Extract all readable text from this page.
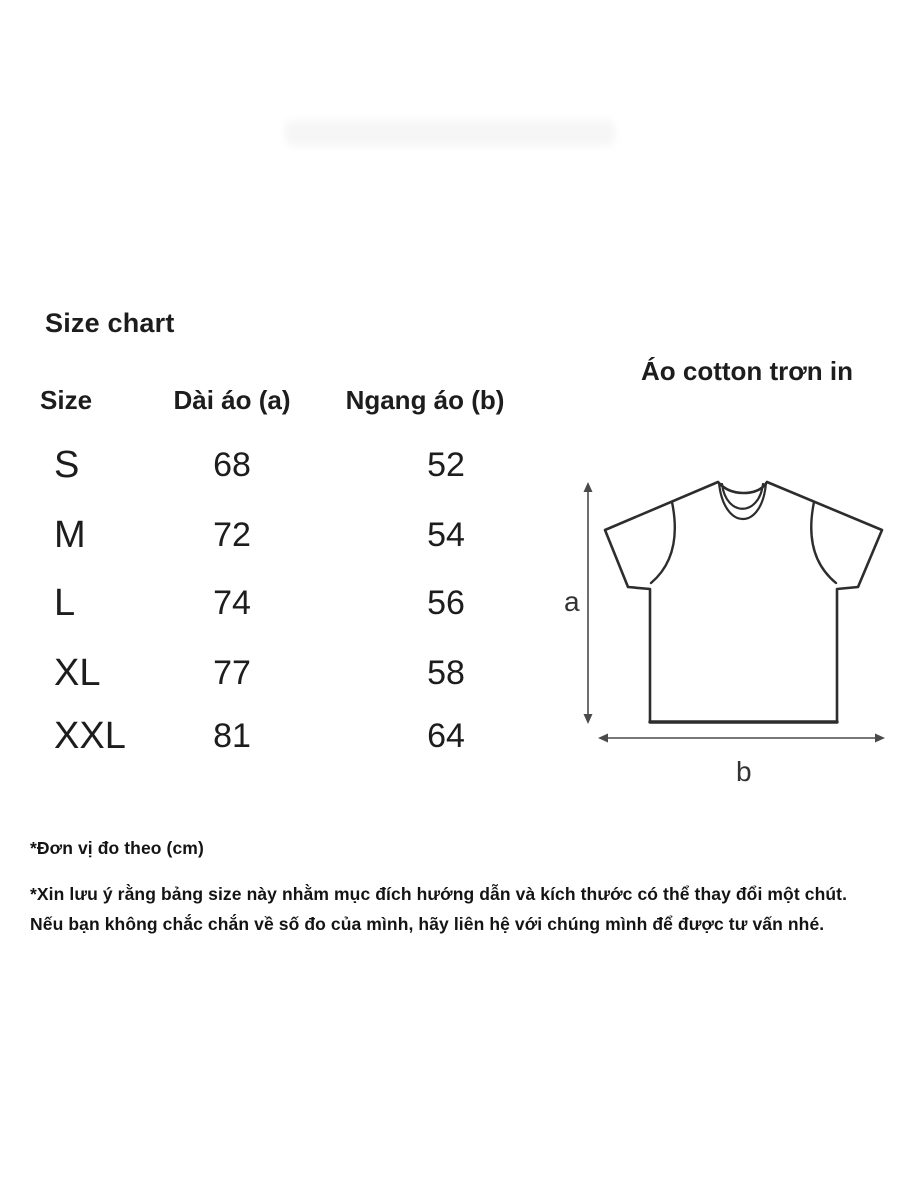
Size chart
Size	Dài áo (a)	Ngang áo (b)
S	68	52
M	72	54
L	74	56
XL	77	58
XXL	81	64
Áo cotton trơn in
a
b
*Đơn vị đo theo (cm)
*Xin lưu ý rằng bảng size này nhằm mục đích hướng dẫn và kích thước có thể thay đổi một chút.
Nếu bạn không chắc chắn về số đo của mình, hãy liên hệ với chúng mình để được tư vấn nhé.
